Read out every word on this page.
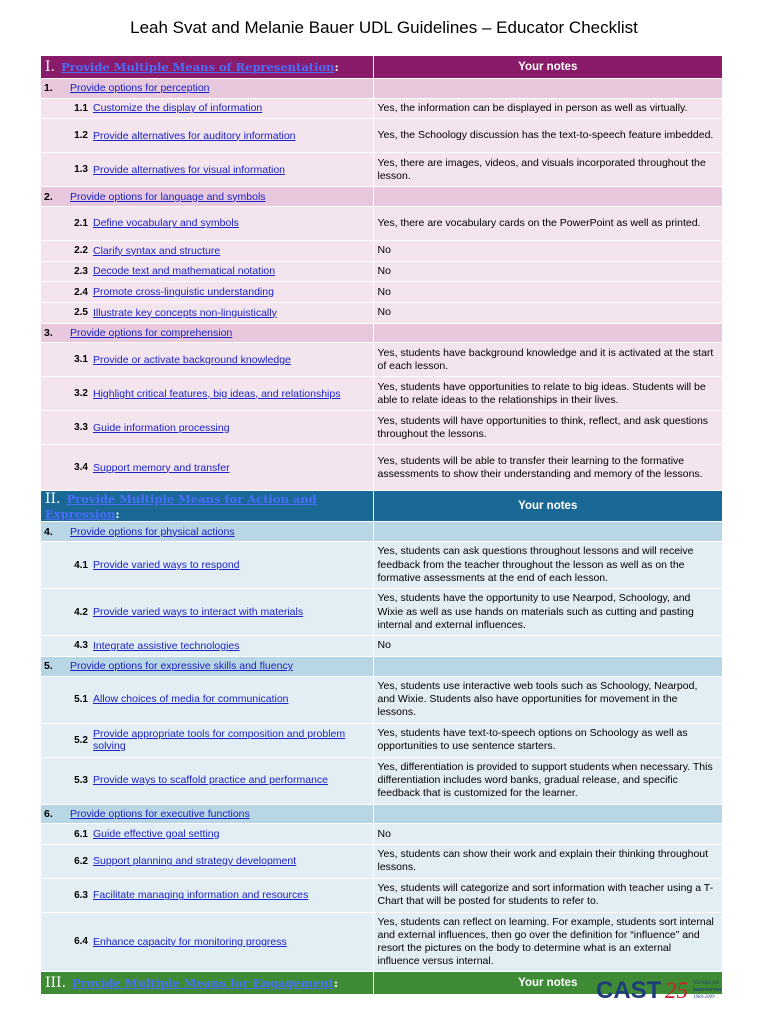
Leah Svat and Melanie Bauer UDL Guidelines – Educator Checklist
I. Provide Multiple Means of Representation:	Your notes
1. Provide options for perception	

1.1 Customize the display of information	Yes, the information can be displayed in person as well as virtually.

1.2 Provide alternatives for auditory information	Yes, the Schoology discussion has the text-to-speech feature imbedded.

1.3 Provide alternatives for visual information	Yes, there are images, videos, and visuals incorporated throughout the lesson.
2. Provide options for language and symbols	

2.1 Define vocabulary and symbols	Yes, there are vocabulary cards on the PowerPoint as well as printed.

2.2 Clarify syntax and structure	No

2.3 Decode text and mathematical notation	No

2.4 Promote cross-linguistic understanding	No

2.5 Illustrate key concepts non-linguistically	No
3. Provide options for comprehension	

3.1 Provide or activate background knowledge	Yes, students have background knowledge and it is activated at the start of each lesson.

3.2 Highlight critical features, big ideas, and relationships	Yes, students have opportunities to relate to big ideas. Students will be able to relate ideas to the relationships in their lives.

3.3 Guide information processing	Yes, students will have opportunities to think, reflect, and ask questions throughout the lessons.

3.4 Support memory and transfer	Yes, students will be able to transfer their learning to the formative assessments to show their understanding and memory of the lessons.
II. Provide Multiple Means for Action and Expression:	Your notes
4. Provide options for physical actions	

4.1 Provide varied ways to respond	Yes, students can ask questions throughout lessons and will receive feedback from the teacher throughout the lesson as well as on the formative assessments at the end of each lesson.

4.2 Provide varied ways to interact with materials	Yes, students have the opportunity to use Nearpod, Schoology, and Wixie as well as use hands on materials such as cutting and pasting internal and external influences.

4.3 Integrate assistive technologies	No
5. Provide options for expressive skills and fluency	

5.1 Allow choices of media for communication	Yes, students use interactive web tools such as Schoology, Nearpod, and Wixie. Students also have opportunities for movement in the lessons.

5.2
Provide appropriate tools for composition and problem solving	Yes, students have text-to-speech options on Schoology as well as opportunities to use sentence starters.

5.3 Provide ways to scaffold practice and performance	Yes, differentiation is provided to support students when necessary. This differentiation includes word banks, gradual release, and specific feedback that is customized for the learner.
6. Provide options for executive functions	

6.1 Guide effective goal setting	No

6.2 Support planning and strategy development	Yes, students can show their work and explain their thinking throughout lessons.

6.3 Facilitate managing information and resources	Yes, students will categorize and sort information with teacher using a T-Chart that will be posted for students to refer to.

6.4 Enhance capacity for monitoring progress	Yes, students can reflect on learning. For example, students sort internal and external influences, then go over the definition for “influence” and resort the pictures on the body to determine what is an external influence versus internal.
III. Provide Multiple Means for Engagement:	Your notes CAST 25 YEARS OF
INNOVATION
1984-2009
